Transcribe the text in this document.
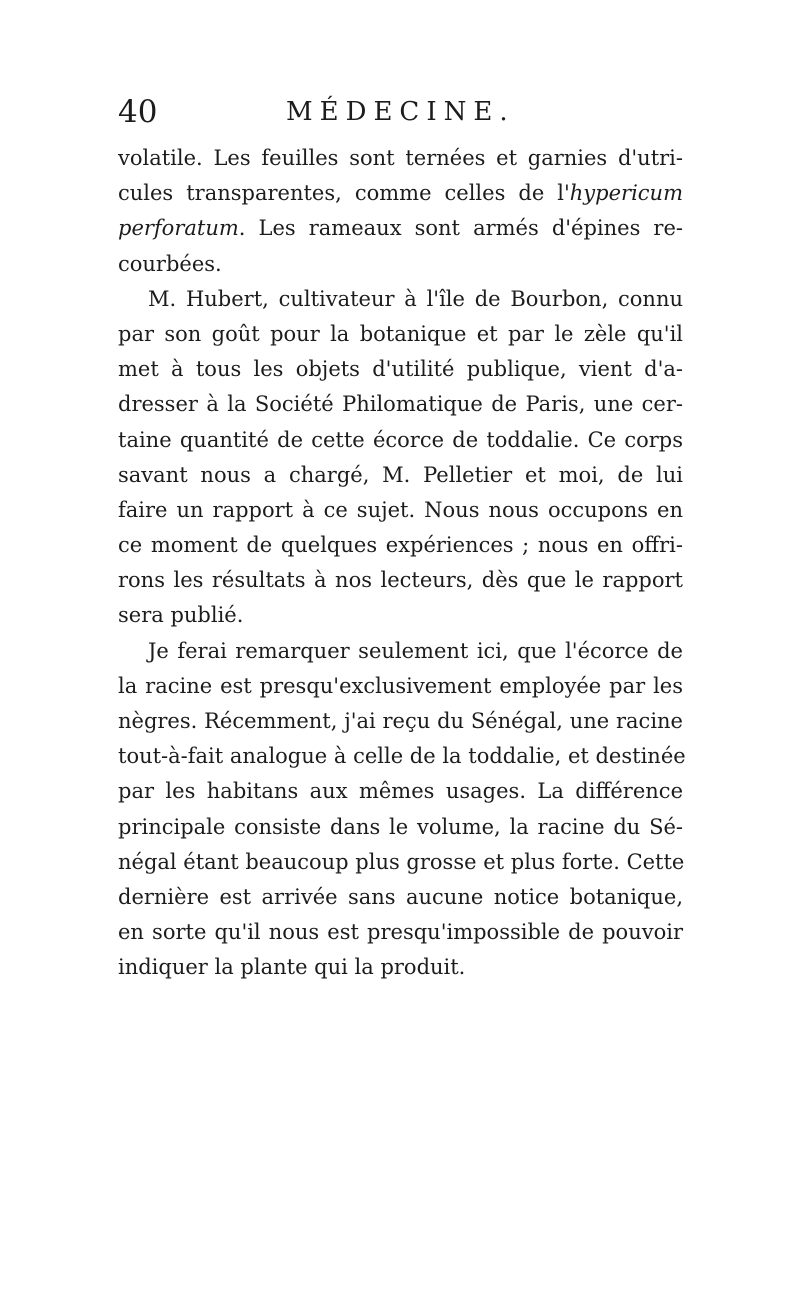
40	MÉDECINE.
volatile. Les feuilles sont ternées et garnies d'utri-
cules transparentes, comme celles de l'hypericum
perforatum. Les rameaux sont armés d'épines re-
courbées.
M. Hubert, cultivateur à l'île de Bourbon, connu
par son goût pour la botanique et par le zèle qu'il
met à tous les objets d'utilité publique, vient d'a-
dresser à la Société Philomatique de Paris, une cer-
taine quantité de cette écorce de toddalie. Ce corps
savant nous a chargé, M. Pelletier et moi, de lui
faire un rapport à ce sujet. Nous nous occupons en
ce moment de quelques expériences ; nous en offri-
rons les résultats à nos lecteurs, dès que le rapport
sera publié.
Je ferai remarquer seulement ici, que l'écorce de
la racine est presqu'exclusivement employée par les
nègres. Récemment, j'ai reçu du Sénégal, une racine
tout-à-fait analogue à celle de la toddalie, et destinée
par les habitans aux mêmes usages. La différence
principale consiste dans le volume, la racine du Sé-
négal étant beaucoup plus grosse et plus forte. Cette
dernière est arrivée sans aucune notice botanique,
en sorte qu'il nous est presqu'impossible de pouvoir
indiquer la plante qui la produit.
